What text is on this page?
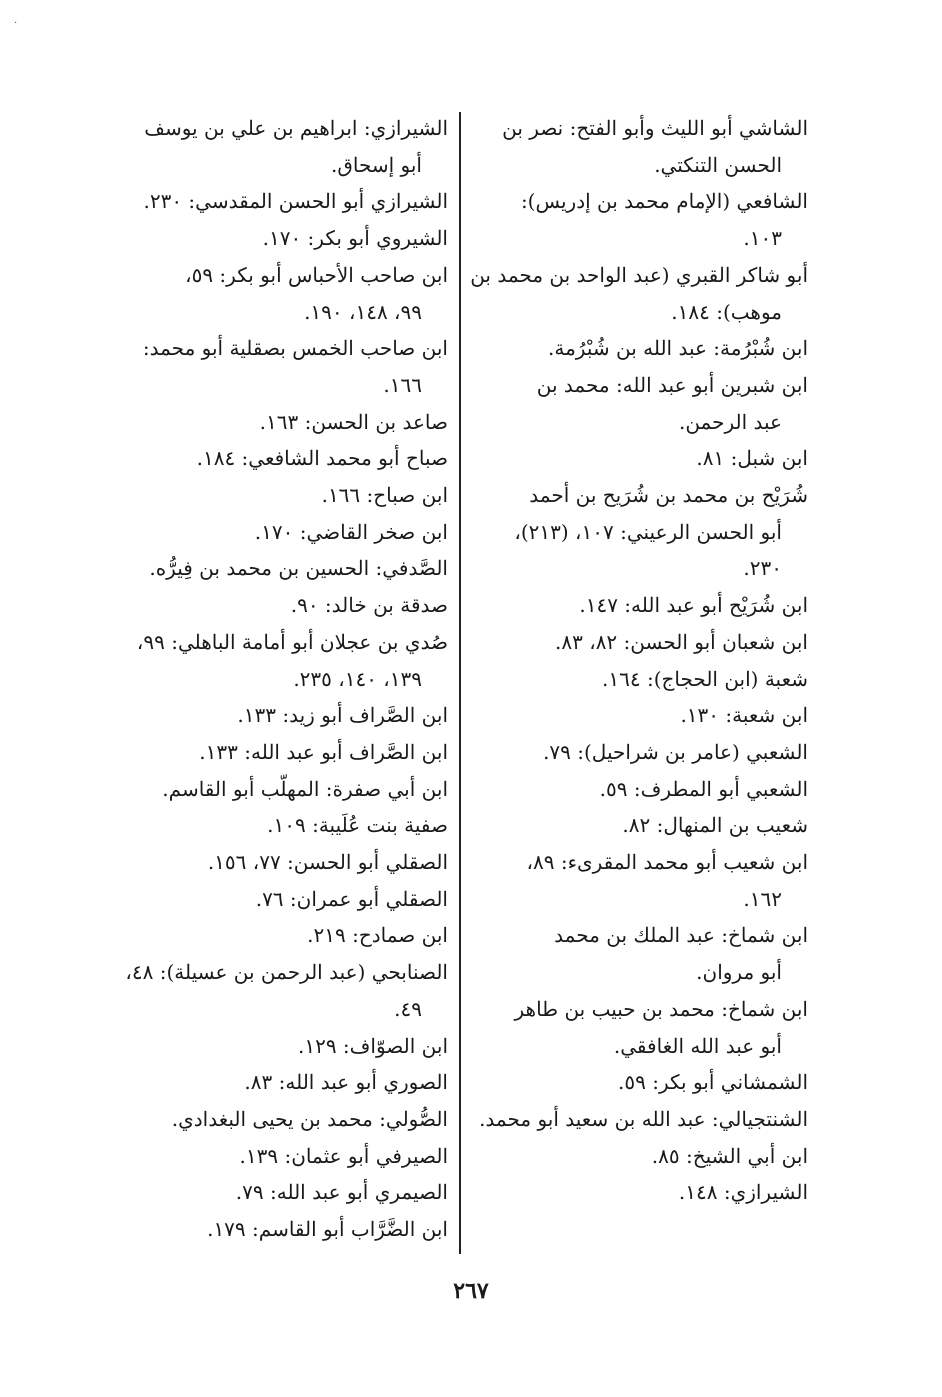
·

الشاشي أبو الليث وأبو الفتح: نصر بن
الحسن التنكتي.

الشافعي (الإمام محمد بن إدريس):
١٠٣.

أبو شاكر القبري (عبد الواحد بن محمد بن
موهب): ١٨٤.

ابن شُبْرُمة: عبد الله بن شُبْرُمة.

ابن شبرين أبو عبد الله: محمد بن
عبد الرحمن.

ابن شبل: ٨١.

شُرَيْح بن محمد بن شُرَيح بن أحمد
أبو الحسن الرعيني: ١٠٧، (٢١٣)،
٢٣٠.

ابن شُرَيْح أبو عبد الله: ١٤٧.

ابن شعبان أبو الحسن: ٨٢، ٨٣.

شعبة (ابن الحجاج): ١٦٤.

ابن شعبة: ١٣٠.

الشعبي (عامر بن شراحيل): ٧٩.

الشعبي أبو المطرف: ٥٩.

شعيب بن المنهال: ٨٢.

ابن شعيب أبو محمد المقرىء: ٨٩،
١٦٢.

ابن شماخ: عبد الملك بن محمد
أبو مروان.

ابن شماخ: محمد بن حبيب بن طاهر
أبو عبد الله الغافقي.

الشمشاني أبو بكر: ٥٩.

الشنتجيالي: عبد الله بن سعيد أبو محمد.

ابن أبي الشيخ: ٨٥.

الشيرازي: ١٤٨.

الشيرازي: ابراهيم بن علي بن يوسف
أبو إسحاق.

الشيرازي أبو الحسن المقدسي: ٢٣٠.

الشيروي أبو بكر: ١٧٠.

ابن صاحب الأحباس أبو بكر: ٥٩،
٩٩، ١٤٨، ١٩٠.

ابن صاحب الخمس بصقلية أبو محمد:
١٦٦.

صاعد بن الحسن: ١٦٣.

صباح أبو محمد الشافعي: ١٨٤.

ابن صباح: ١٦٦.

ابن صخر القاضي: ١٧٠.

الصَّدفي: الحسين بن محمد بن فِيرُّه.

صدقة بن خالد: ٩٠.

صُدي بن عجلان أبو أمامة الباهلي: ٩٩،
١٣٩، ١٤٠، ٢٣٥.

ابن الصَّراف أبو زيد: ١٣٣.

ابن الصَّراف أبو عبد الله: ١٣٣.

ابن أبي صفرة: المهلّب أبو القاسم.

صفية بنت عُلَيبة: ١٠٩.

الصقلي أبو الحسن: ٧٧، ١٥٦.

الصقلي أبو عمران: ٧٦.

ابن صمادح: ٢١٩.

الصنابحي (عبد الرحمن بن عسيلة): ٤٨،
٤٩.

ابن الصوّاف: ١٢٩.

الصوري أبو عبد الله: ٨٣.

الصُّولي: محمد بن يحيى البغدادي.

الصيرفي أبو عثمان: ١٣٩.

الصيمري أبو عبد الله: ٧٩.

ابن الضَّرَّاب أبو القاسم: ١٧٩.

٢٦٧
